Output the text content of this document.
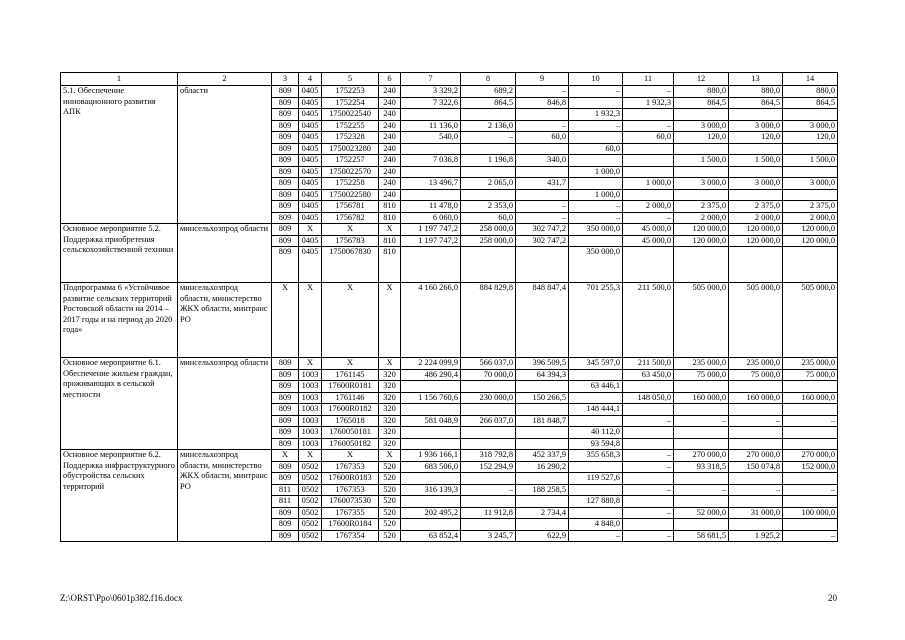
1	2	3	4	5	6	7	8	9	10	11	12	13	14
5.1. Обеспечение инновационного развития АПК	области	809	0405	1752253	240	3 329,2	689,2	–	–	–	880,0	880,0	880,0
		809	0405	1752254	240	7 322,6	864,5	846,8		1 932,3	864,5	864,5	864,5
		809	0405	1750022540	240				1 932,3				
		809	0405	1752255	240	11 136,0	2 136,0	–	–	–	3 000,0	3 000,0	3 000,0
		809	0405	1752328	240	540,0	–	60,0		60,0	120,0	120,0	120,0
		809	0405	1750023280	240				60,0				
		809	0405	1752257	240	7 036,8	1 196,8	340,0			1 500,0	1 500,0	1 500,0
		809	0405	1750022570	240				1 000,0				
		809	0405	1752258	240	13 496,7	2 065,0	431,7		1 000,0	3 000,0	3 000,0	3 000,0
		809	0405	1750022580	240				1 000,0				
		809	0405	1756781	810	11 478,0	2 353,0	–	–	2 000,0	2 375,0	2 375,0	2 375,0
		809	0405	1756782	810	6 060,0	60,0	–	–	–	2 000,0	2 000,0	2 000,0
Основное мероприятие 5.2. Поддержка приобретения сельскохозяйственной техники	минсельхозпрод области	809	X	X	X	1 197 747,2	258 000,0	302 747,2	350 000,0	45 000,0	120 000,0	120 000,0	120 000,0
		809	0405	1756783	810	1 197 747,2	258 000,0	302 747,2		45 000,0	120 000,0	120 000,0	120 000,0
		809	0405	1750067830	810				350 000,0				
Подпрограмма 6 «Устойчивое развитие сельских территорий Ростовской области на 2014 – 2017 годы и на период до 2020 года»	минсельхозпрод области, министерство ЖКХ области, минтранс РО	X	X	X	X	4 160 266,0	884 829,8	848 847,4	701 255,3	211 500,0	505 000,0	505 000,0	505 000,0
Основное мероприятие 6.1. Обеспечение жильем граждан, проживающих в сельской местности	минсельхозпрод области	809	X	X	X	2 224 099,9	566 037,0	396 509,5	345 597,0	211 500,0	235 000,0	235 000,0	235 000,0
		809	1003	1761145	320	486 290,4	70 000,0	64 394,3		63 450,0	75 000,0	75 000,0	75 000,0
		809	1003	17600R0181	320				63 446,1				
		809	1003	1761146	320	1 156 760,6	230 000,0	150 266,5		148 050,0	160 000,0	160 000,0	160 000,0
		809	1003	17600R0182	320				148 444,1				
		809	1003	1765018	320	581 048,9	266 037,0	181 848,7		–	–	–	–
		809	1003	1760050181	320				40 112,0				
		809	1003	1760050182	320				93 594,8				
Основное мероприятие 6.2. Поддержка инфраструктурного обустройства сельских территорий	минсельхозпрод области, министерство ЖКХ области, минтранс РО	X	X	X	X	1 936 166,1	318 792,8	452 337,9	355 658,3	–	270 000,0	270 000,0	270 000,0
		809	0502	1767353	520	683 506,0	152 294,9	16 290,2		–	93 318,5	150 074,8	152 000,0
		809	0502	17600R0183	520				119 527,6				
		811	0502	1767353	520	316 139,3	–	188 258,5		–	–	–	–
		811	0502	1760073530	520				127 880,8				
		809	0502	1767355	520	202 495,2	11 912,8	2 734,4		–	52 000,0	31 000,0	100 000,0
		809	0502	17600R0184	520				4 848,0				
		809	0502	1767354	520	63 852,4	3 245,7	622,9	–	–	58 681,5	1 925,2	–
Z:\ORST\Ppo\0601p382.f16.docx	20
